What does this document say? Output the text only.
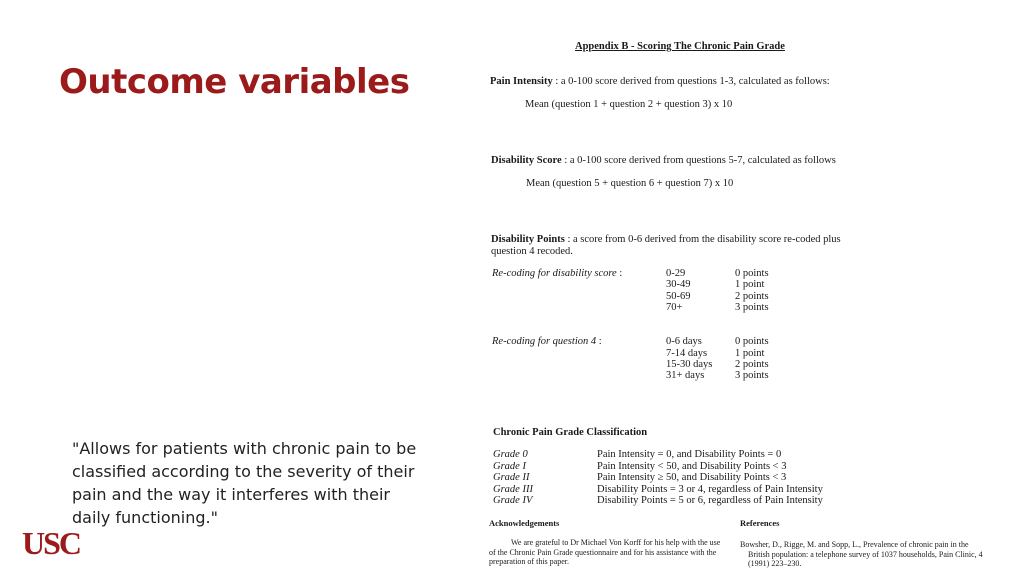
Outcome variables

"Allows for patients with chronic pain to be classified according to the severity of their pain and the way it interferes with their daily functioning."

USC
Appendix B - Scoring The Chronic Pain Grade
Pain Intensity : a 0-100 score derived from questions 1-3, calculated as follows:
Mean (question 1 + question 2 + question 3) x 10
Disability Score : a 0-100 score derived from questions 5-7, calculated as follows
Mean (question 5 + question 6 + question 7) x 10
Disability Points : a score from 0-6 derived from the disability score re-coded plus
question 4 recoded.
Re-coding for disability score :	0-29	0 points
30-49	1 point
50-69	2 points
70+	3 points
Re-coding for question 4 :	0-6 days	0 points
7-14 days	1 point
15-30 days 2 points
31+ days	3 points
Chronic Pain Grade Classification
Grade 0	Pain Intensity = 0, and Disability Points = 0
Grade I	Pain Intensity < 50, and Disability Points < 3
Grade II	Pain Intensity ≥ 50, and Disability Points < 3
Grade III	Disability Points = 3 or 4, regardless of Pain Intensity
Grade IV	Disability Points = 5 or 6, regardless of Pain Intensity
Acknowledgements
We are grateful to Dr Michael Von Korff for his help with the use of the Chronic Pain Grade questionnaire and for his assistance with the preparation of this paper.
References
Bowsher, D., Rigge, M. and Sopp, L., Prevalence of chronic pain in the British population: a telephone survey of 1037 households, Pain Clinic, 4 (1991) 223–230.
